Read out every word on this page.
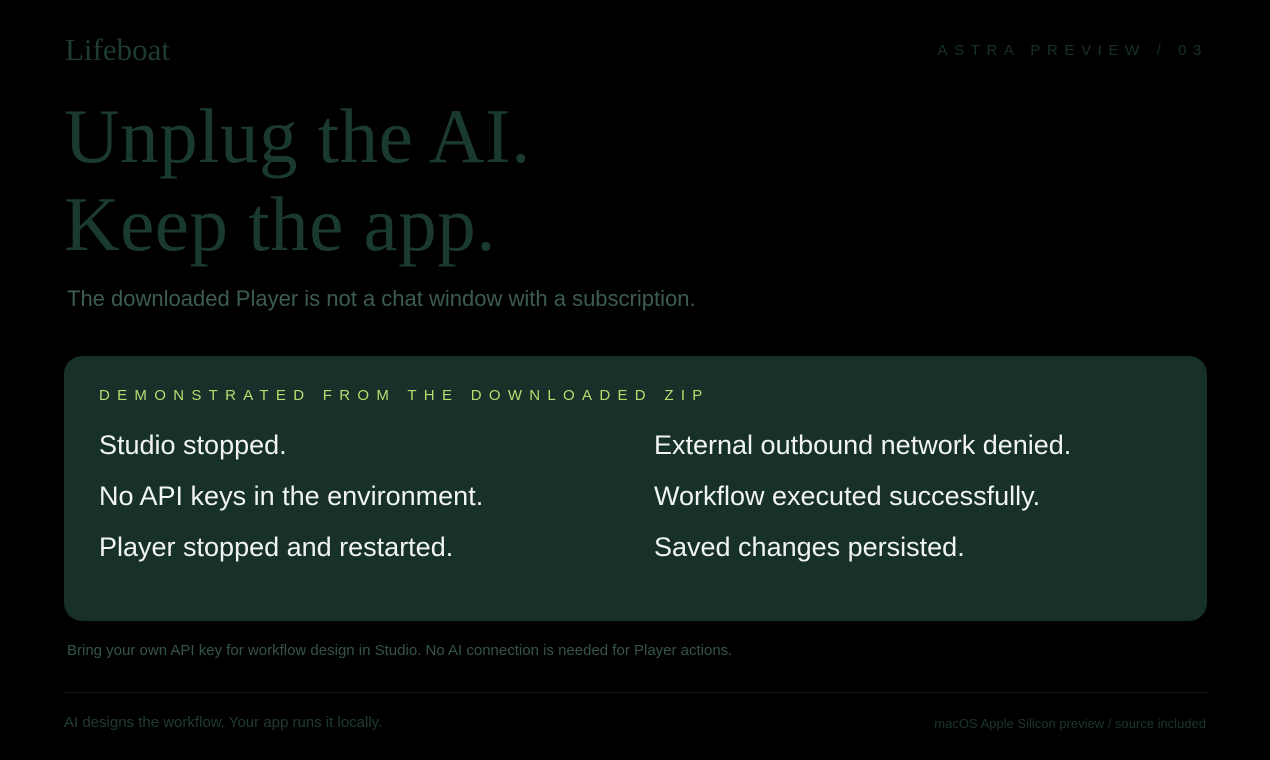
Lifeboat	ASTRA PREVIEW / 03
Unplug the AI.
Keep the app.
The downloaded Player is not a chat window with a subscription.
DEMONSTRATED FROM THE DOWNLOADED ZIP
Studio stopped.	External outbound network denied.
No API keys in the environment.	Workflow executed successfully.
Player stopped and restarted.	Saved changes persisted.
Bring your own API key for workflow design in Studio. No AI connection is needed for Player actions.
AI designs the workflow. Your app runs it locally.	macOS Apple Silicon preview / source included
